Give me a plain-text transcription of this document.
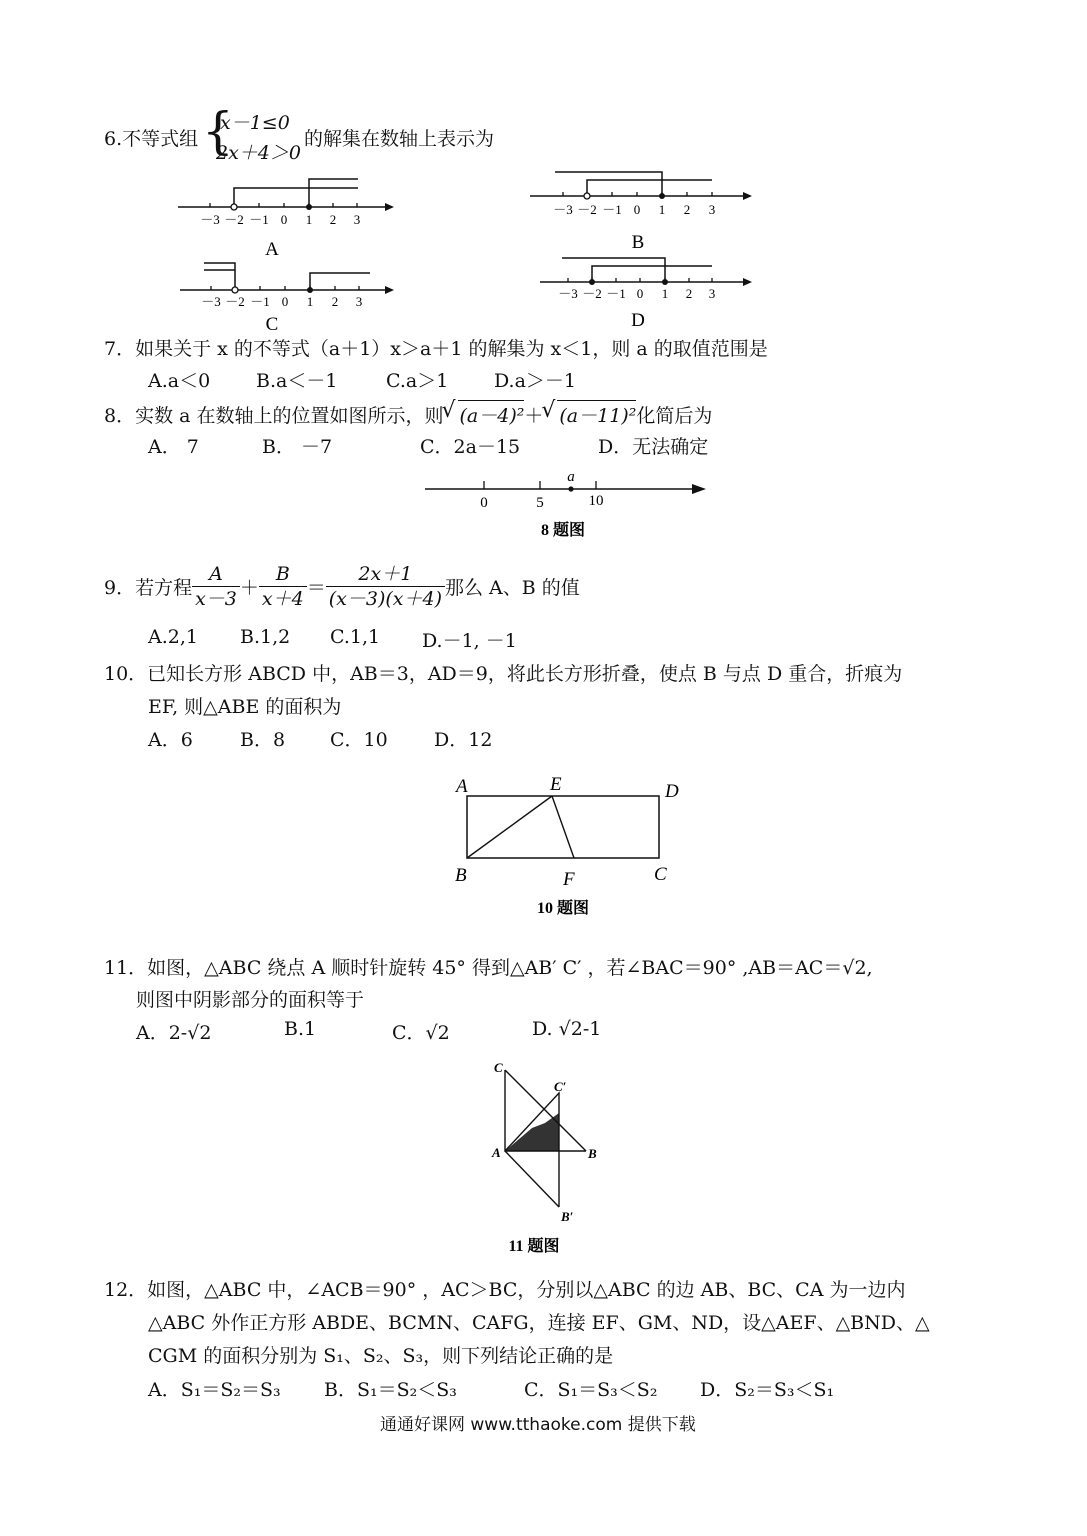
6.不等式组 {
x－1≤0
2x＋4＞0
的解集在数轴上表示为
－3 －2 －1 0 1 2 3
A
－3 －2 －1 0 1 2 3
B
－3 －2 －1 0 1 2 3
C
－3 －2 －1 0 1 2 3
D
7．如果关于 x 的不等式（a＋1）x＞a＋1 的解集为 x＜1，则 a 的取值范围是
A.a＜0 B.a＜－1	C.a＞1 D.a＞－1
8．实数 a 在数轴上的位置如图所示，则
√ (a－4)²＋
√ (a－11)²化简后为
A． 7	B． －7	C．2a－15	D．无法确定
0	5
a
10
8 题图
9．若方程 $\frac{A}{x-3} + \frac{B}{x+4} = \frac{2x+1}{(x-3)(x+4)}$ 那么 A、B 的值
A.2,1 B.1,2 C.1,1 D.－1, －1
10．已知长方形 ABCD 中，AB＝3，AD＝9，将此长方形折叠，使点 B 与点 D 重合，折痕为
EF, 则△ABE 的面积为
A．6 B．8 C．10 D．12
A	E	D
B	F	C
10 题图
11．如图，△ABC 绕点 A 顺时针旋转 45° 得到△AB′ C′ ，若∠BAC＝90° ,AB＝AC＝√2,
则图中阴影部分的面积等于
A．2-√2	B.1	C．√2	D. √2-1
C
C′
A	B
B′
11 题图
12．如图，△ABC 中，∠ACB＝90° ，AC＞BC，分别以△ABC 的边 AB、BC、CA 为一边内
△ABC 外作正方形 ABDE、BCMN、CAFG，连接 EF、GM、ND，设△AEF、△BND、△
CGM 的面积分别为 S₁、S₂、S₃，则下列结论正确的是
A．S₁＝S₂＝S₃ B．S₁＝S₂＜S₃	C．S₁＝S₃＜S₂ D．S₂＝S₃＜S₁
通通好课网 www.tthaoke.com 提供下载
